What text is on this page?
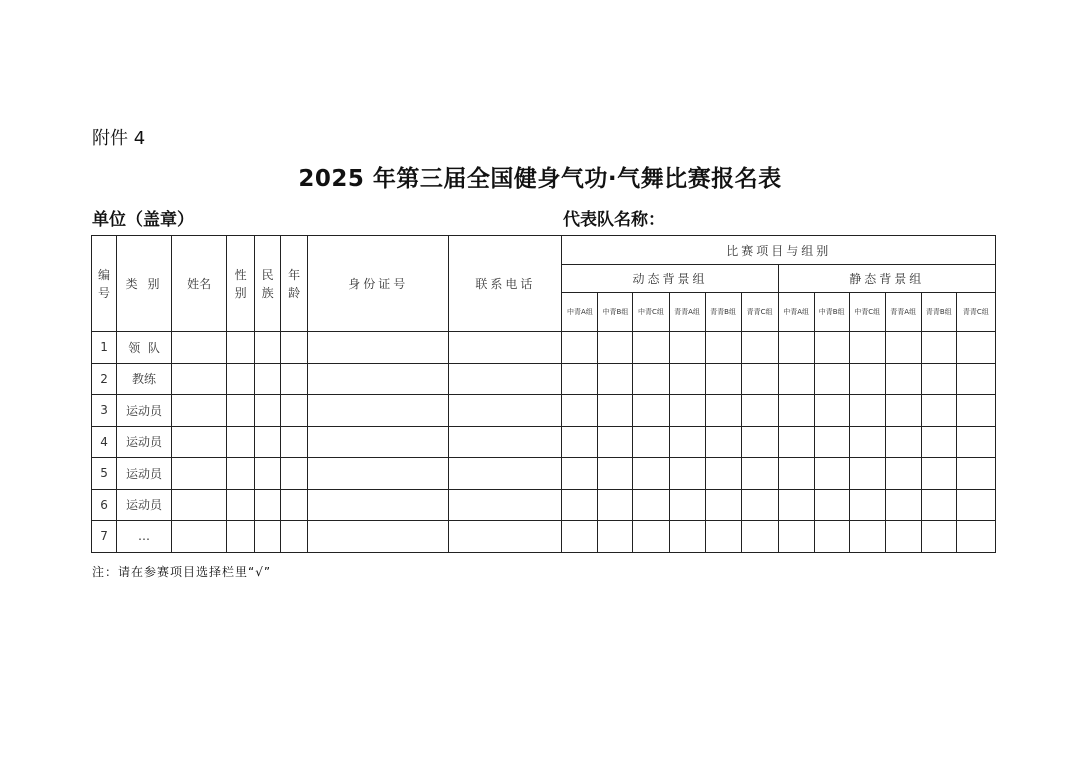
附件 4
2025 年第三届全国健身气功·气舞比赛报名表
单位（盖章）	代表队名称：
编号	类 别	姓名	性别	民族	年龄	身份证号	联系电话	比赛项目与组别											
								动态背景组						静态背景组					
								中青A组	中青B组	中青C组	青青A组	青青B组	青青C组	中青A组	中青B组	中青C组	青青A组	青青B组	青青C组
1	领  队																		
2	教练																		
3	运动员																		
4	运动员																		
5	运动员																		
6	运动员																		
7	…																		
注：请在参赛项目选择栏里“√”
